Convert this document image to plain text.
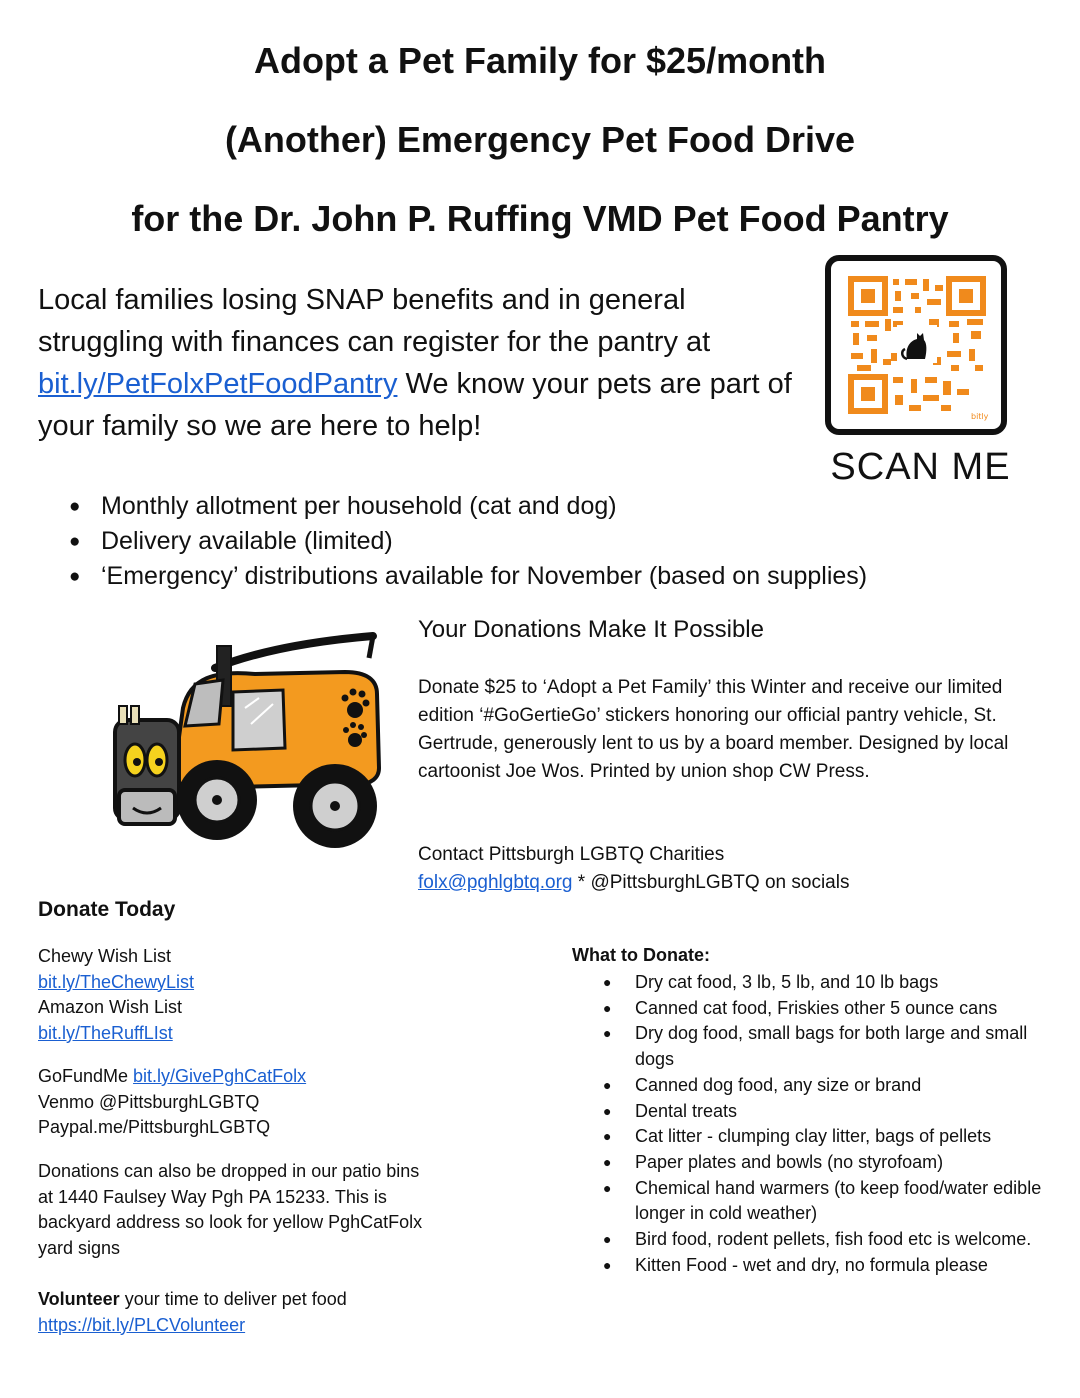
Adopt a Pet Family for $25/month
(Another) Emergency Pet Food Drive
for the Dr. John P. Ruffing VMD Pet Food Pantry
Local families losing SNAP benefits and in general struggling with finances can register for the pantry at bit.ly/PetFolxPetFoodPantry We know your pets are part of your family so we are here to help!	bitly
SCAN ME
● Monthly allotment per household (cat and dog)
● Delivery available (limited)
● ‘Emergency’ distributions available for November (based on supplies)
Your Donations Make It Possible
Donate $25 to ‘Adopt a Pet Family’ this Winter and receive our limited edition ‘#GoGertieGo’ stickers honoring our official pantry vehicle, St. Gertrude, generously lent to us by a board member. Designed by local cartoonist Joe Wos. Printed by union shop CW Press.
Contact Pittsburgh LGBTQ Charities
folx@pghlgbtq.org * @PittsburghLGBTQ on socials
Donate Today
Chewy Wish List
bit.ly/TheChewyList
Amazon Wish List
bit.ly/TheRuffLIst
GoFundMe bit.ly/GivePghCatFolx
Venmo @PittsburghLGBTQ
Paypal.me/PittsburghLGBTQ
Donations can also be dropped in our patio bins at 1440 Faulsey Way Pgh PA 15233. This is backyard address so look for yellow PghCatFolx yard signs
Volunteer your time to deliver pet food
https://bit.ly/PLCVolunteer
What to Donate:
● Dry cat food, 3 lb, 5 lb, and 10 lb bags
● Canned cat food, Friskies other 5 ounce cans
● Dry dog food, small bags for both large and small dogs
● Canned dog food, any size or brand
● Dental treats
● Cat litter - clumping clay litter, bags of pellets
● Paper plates and bowls (no styrofoam)
● Chemical hand warmers (to keep food/water edible longer in cold weather)
● Bird food, rodent pellets, fish food etc is welcome.
● Kitten Food - wet and dry, no formula please
